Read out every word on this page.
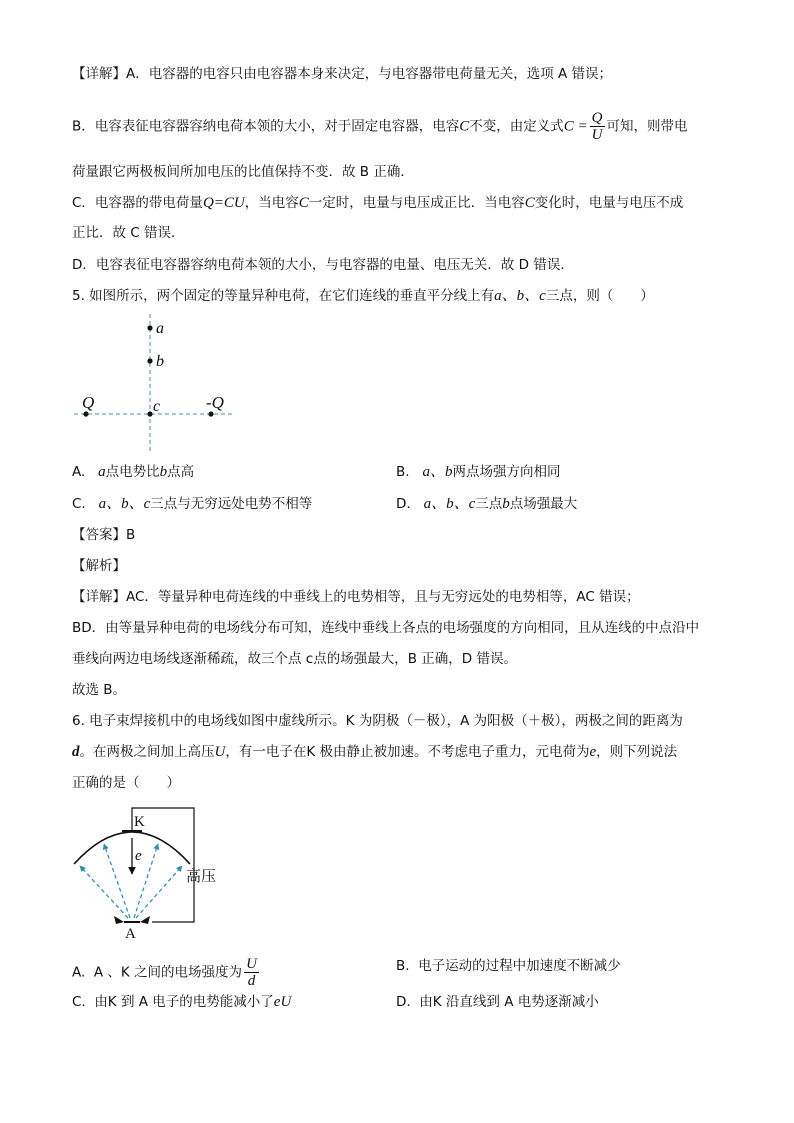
【详解】A．电容器的电容只由电容器本身来决定，与电容器带电荷量无关，选项 A 错误；
B．电容表征电容器容纳电荷本领的大小，对于固定电容器，电容C不变，由定义式$C = \frac{Q}{U}$ 可知，则带电
荷量跟它两极板间所加电压的比值保持不变．故 B 正确．
C．电容器的带电荷量Q=CU，当电容C一定时，电量与电压成正比．当电容C变化时，电量与电压不成
正比．故 C 错误．
D．电容表征电容器容纳电荷本领的大小，与电容器的电量、电压无关．故 D 错误．
5. 如图所示，两个固定的等量异种电荷，在它们连线的垂直平分线上有a、b、c三点，则（　　）
a
b
c
Q	-Q
A. a点电势比b点高	B. a、b两点场强方向相同
C. a、b、c三点与无穷远处电势不相等	D. a、b、c三点b点场强最大
【答案】B
【解析】
【详解】AC．等量异种电荷连线的中垂线上的电势相等，且与无穷远处的电势相等，AC 错误；
BD．由等量异种电荷的电场线分布可知，连线中垂线上各点的电场强度的方向相同，且从连线的中点沿中
垂线向两边电场线逐渐稀疏，故三个点 c点的场强最大，B 正确，D 错误。
故选 B。
6. 电子束焊接机中的电场线如图中虚线所示。K 为阴极（－极），A 为阳极（＋极），两极之间的距离为
d。在两极之间加上高压U，有一电子在K 极由静止被加速。不考虑电子重力，元电荷为e，则下列说法
正确的是（　　）
K
e
高压
A
A. A 、K 之间的电场强度为 $\frac{U}{d}$	B. 电子运动的过程中加速度不断减少
C. 由K 到 A 电子的电势能减小了eU	D. 由K 沿直线到 A 电势逐渐减小
